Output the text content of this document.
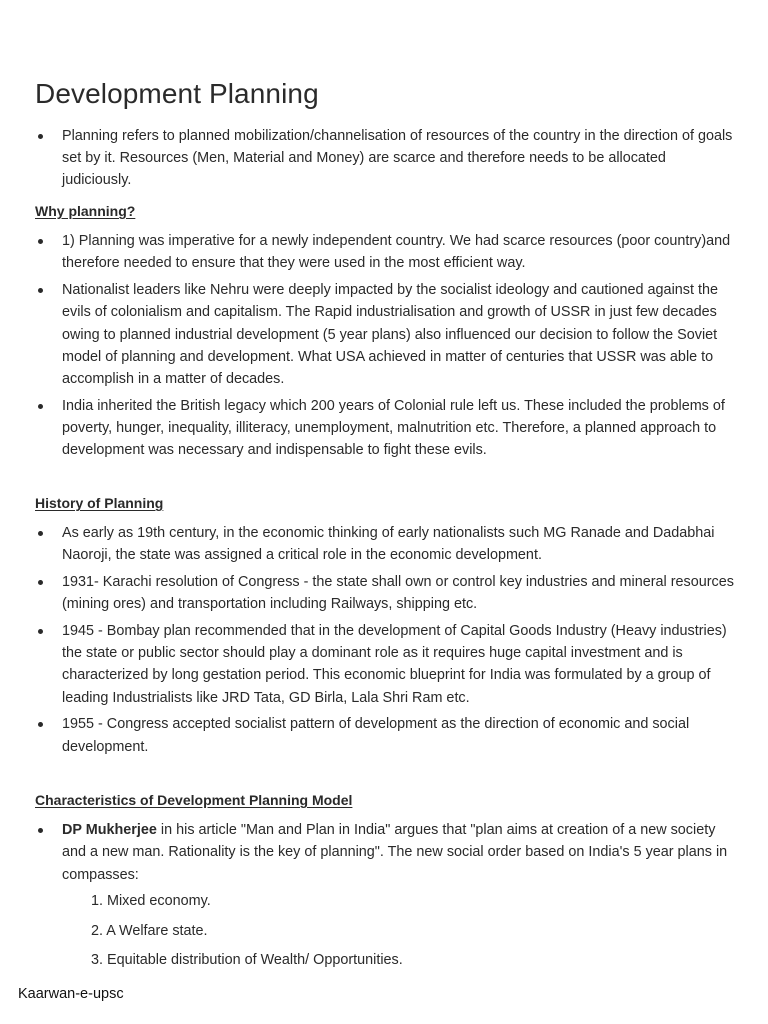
Development Planning
Planning refers to planned mobilization/channelisation of resources of the country in the direction of goals set by it. Resources (Men, Material and Money) are scarce and therefore needs to be allocated judiciously.

Why planning?

1) Planning was imperative for a newly independent country. We had scarce resources (poor country)and therefore needed to ensure that they were used in the most efficient way.
Nationalist leaders like Nehru were deeply impacted by the socialist ideology and cautioned against the evils of colonialism and capitalism. The Rapid industrialisation and growth of USSR in just few decades owing to planned industrial development (5 year plans) also influenced our decision to follow the Soviet model of planning and development. What USA achieved in matter of centuries that USSR was able to accomplish in a matter of decades.
India inherited the British legacy which 200 years of Colonial rule left us. These included the problems of poverty, hunger, inequality, illiteracy, unemployment, malnutrition etc. Therefore, a planned approach to development was necessary and indispensable to fight these evils.

History of Planning

As early as 19th century, in the economic thinking of early nationalists such MG Ranade and Dadabhai Naoroji, the state was assigned a critical role in the economic development.
1931- Karachi resolution of Congress - the state shall own or control key industries and mineral resources (mining ores) and transportation including Railways, shipping etc.
1945 - Bombay plan recommended that in the development of Capital Goods Industry (Heavy industries) the state or public sector should play a dominant role as it requires huge capital investment and is characterized by long gestation period. This economic blueprint for India was formulated by a group of leading Industrialists like JRD Tata, GD Birla, Lala Shri Ram etc.
1955 - Congress accepted socialist pattern of development as the direction of economic and social development.

Characteristics of Development Planning Model

DP Mukherjee in his article "Man and Plan in India" argues that "plan aims at creation of a new society and a new man. Rationality is the key of planning". The new social order based on India's 5 year plans in compasses:
1. Mixed economy.
2. A Welfare state.
3. Equitable distribution of Wealth/ Opportunities.
Kaarwan-e-upsc
